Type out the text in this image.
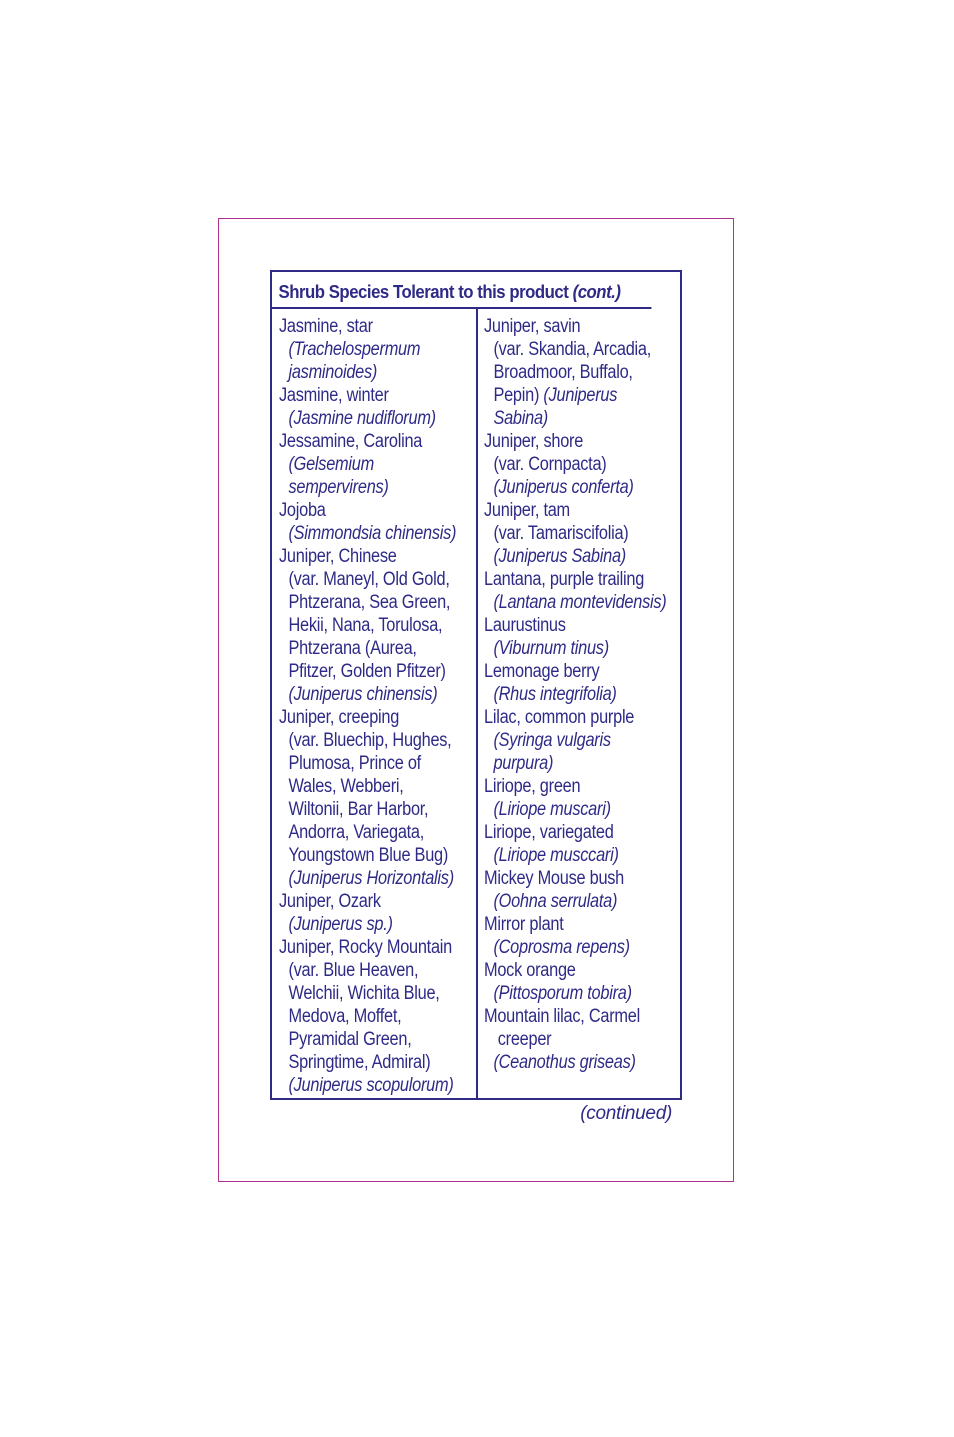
Shrub Species Tolerant to this product (cont.)
Jasmine, star
(Trachelospermum
jasminoides)
Jasmine, winter
(Jasmine nudiflorum)
Jessamine, Carolina
(Gelsemium
sempervirens)
Jojoba
(Simmondsia chinensis)
Juniper, Chinese
(var. Maneyl, Old Gold,
Phtzerana, Sea Green,
Hekii, Nana, Torulosa,
Phtzerana (Aurea,
Pfitzer, Golden Pfitzer)
(Juniperus chinensis)
Juniper, creeping
(var. Bluechip, Hughes,
Plumosa, Prince of
Wales, Webberi,
Wiltonii, Bar Harbor,
Andorra, Variegata,
Youngstown Blue Bug)
(Juniperus Horizontalis)
Juniper, Ozark
(Juniperus sp.)
Juniper, Rocky Mountain
(var. Blue Heaven,
Welchii, Wichita Blue,
Medova, Moffet,
Pyramidal Green,
Springtime, Admiral)
(Juniperus scopulorum)
Juniper, savin
(var. Skandia, Arcadia,
Broadmoor, Buffalo,
Pepin) (Juniperus
Sabina)
Juniper, shore
(var. Cornpacta)
(Juniperus conferta)
Juniper, tam
(var. Tamariscifolia)
(Juniperus Sabina)
Lantana, purple trailing
(Lantana montevidensis)
Laurustinus
(Viburnum tinus)
Lemonage berry
(Rhus integrifolia)
Lilac, common purple
(Syringa vulgaris
purpura)
Liriope, green
(Liriope muscari)
Liriope, variegated
(Liriope musccari)
Mickey Mouse bush
(Oohna serrulata)
Mirror plant
(Coprosma repens)
Mock orange
(Pittosporum tobira)
Mountain lilac, Carmel
creeper
(Ceanothus griseas)
(continued)
